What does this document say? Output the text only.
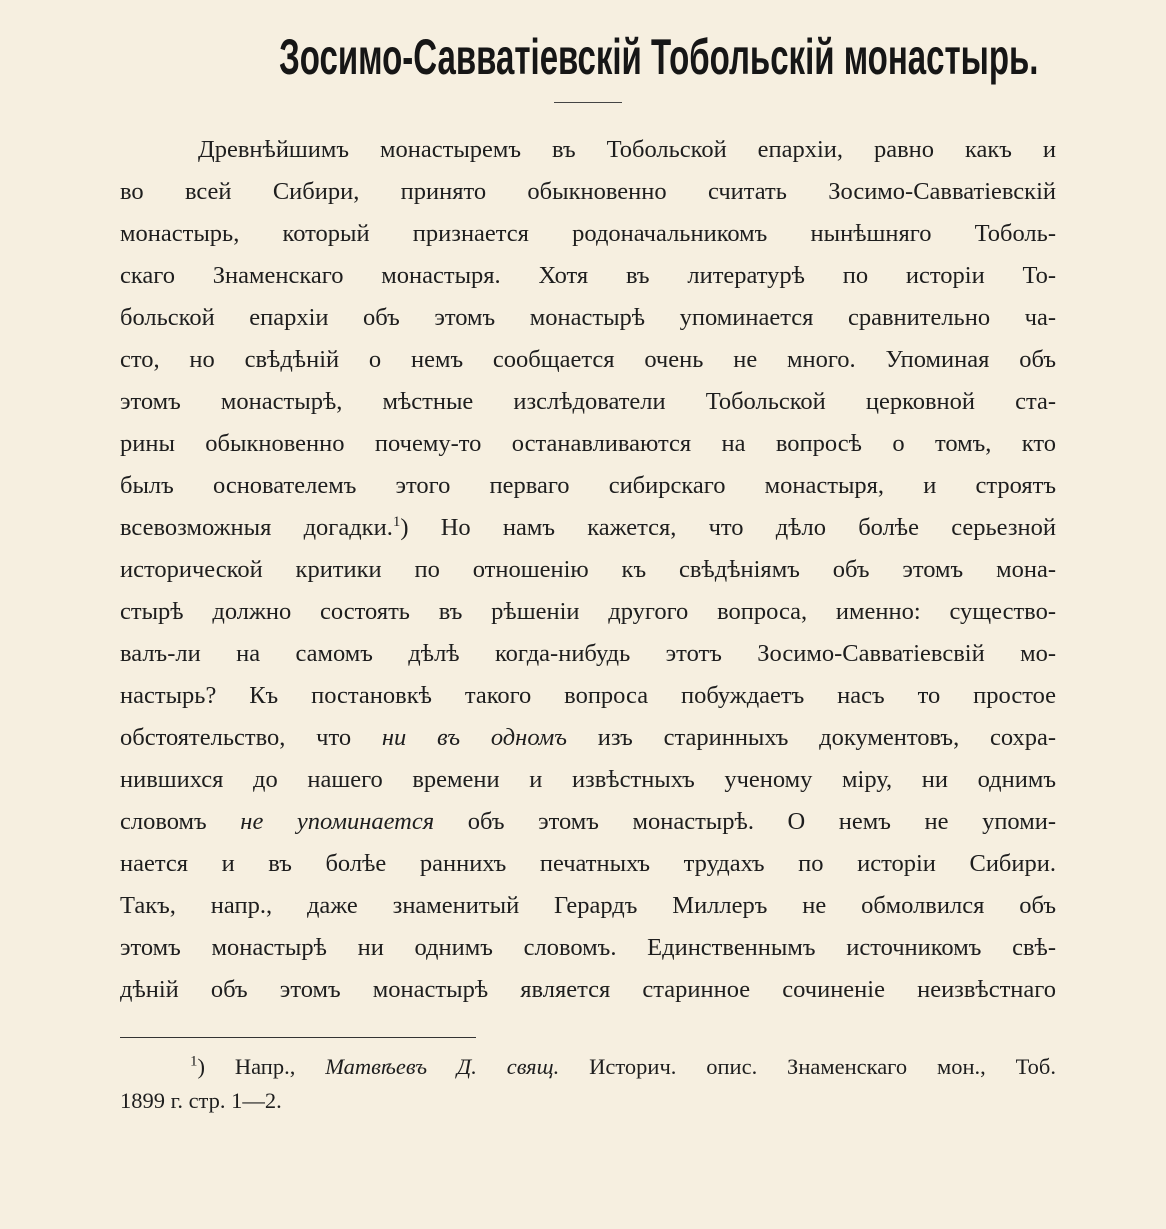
Зосимо-Савватіевскій Тобольскій монастырь.
Древнѣйшимъ монастыремъ въ Тобольской епархіи, равно какъ и
во всей Сибири, принято обыкновенно считать Зосимо-Савватіевскій
монастырь, который признается родоначальникомъ нынѣшняго Тоболь-
скаго Знаменскаго монастыря. Хотя въ литературѣ по исторіи То-
больской епархіи объ этомъ монастырѣ упоминается сравнительно ча-
сто, но свѣдѣній о немъ сообщается очень не много. Упоминая объ
этомъ монастырѣ, мѣстные изслѣдователи Тобольской церковной ста-
рины обыкновенно почему-то останавливаются на вопросѣ о томъ, кто
былъ основателемъ этого перваго сибирскаго монастыря, и строятъ
всевозможныя догадки.$^1$) Но намъ кажется, что дѣло болѣе серьезной
исторической критики по отношенію къ свѣдѣніямъ объ этомъ мона-
стырѣ должно состоять въ рѣшеніи другого вопроса, именно: существо-
валъ-ли на самомъ дѣлѣ когда-нибудь этотъ Зосимо-Савватіевсвій мо-
настырь? Къ постановкѣ такого вопроса побуждаетъ насъ то простое
обстоятельство, что ни въ одномъ изъ старинныхъ документовъ, сохра-
нившихся до нашего времени и извѣстныхъ ученому міру, ни однимъ
словомъ не упоминается объ этомъ монастырѣ. О немъ не упоми-
нается и въ болѣе раннихъ печатныхъ трудахъ по исторіи Сибири.
Такъ, напр., даже знаменитый Герардъ Миллеръ не обмолвился объ
этомъ монастырѣ ни однимъ словомъ. Единственнымъ источникомъ свѣ-
дѣній объ этомъ монастырѣ является старинное сочиненіе неизвѣстнаго
$^1$) Напр., Матвѣевъ Д. свящ. Историч. опис. Знаменскаго мон., Тоб.
1899 г. стр. 1—2.
